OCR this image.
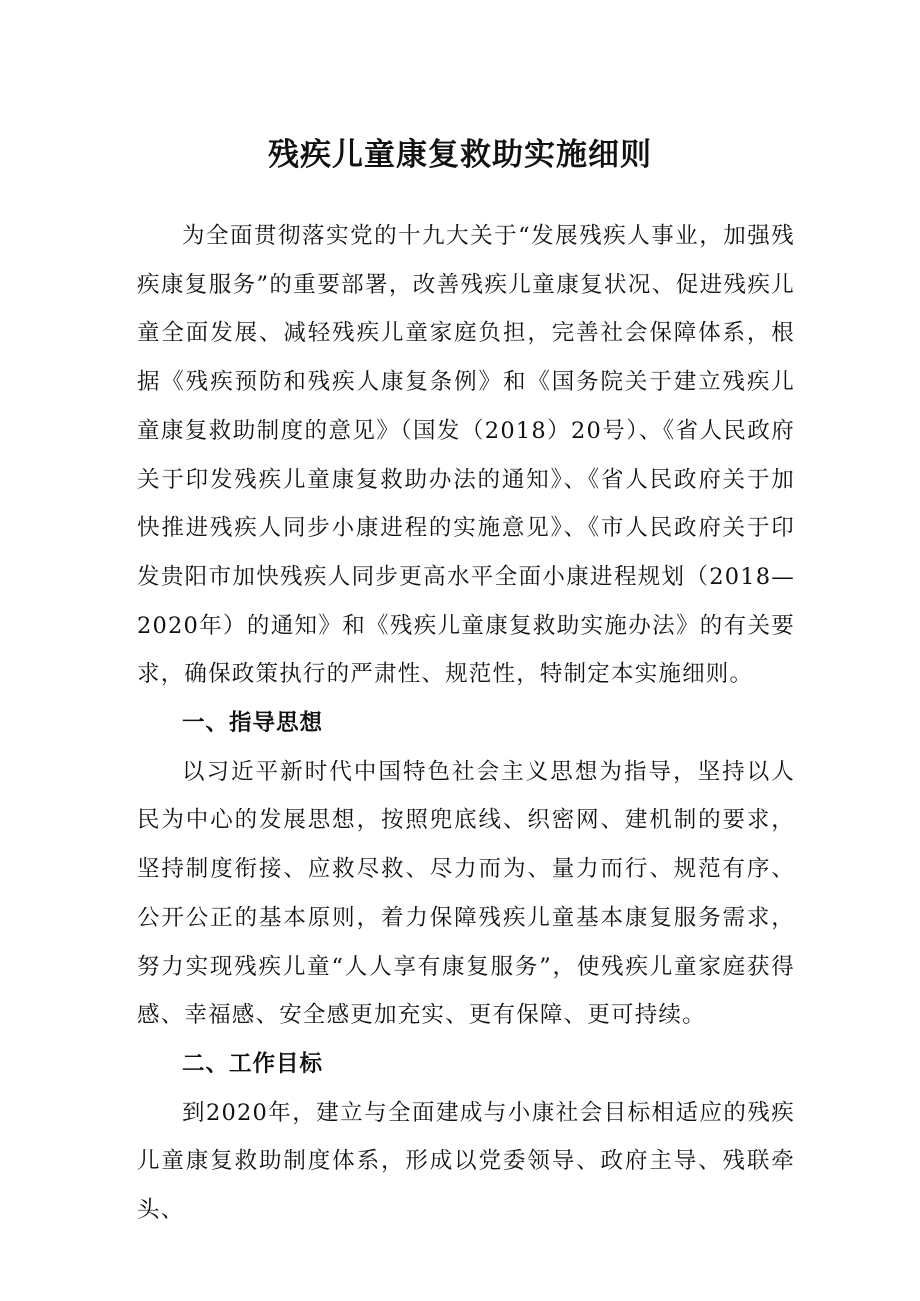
残疾儿童康复救助实施细则

为全面贯彻落实党的十九大关于“发展残疾人事业，加强残疾康复服务”的重要部署，改善残疾儿童康复状况、促进残疾儿童全面发展、减轻残疾儿童家庭负担，完善社会保障体系，根据《残疾预防和残疾人康复条例》和《国务院关于建立残疾儿童康复救助制度的意见》（国发（2018）20号）、《省人民政府关于印发残疾儿童康复救助办法的通知》、《省人民政府关于加快推进残疾人同步小康进程的实施意见》、《市人民政府关于印发贵阳市加快残疾人同步更高水平全面小康进程规划（2018—2020年）的通知》和《残疾儿童康复救助实施办法》的有关要求，确保政策执行的严肃性、规范性，特制定本实施细则。

一、指导思想

以习近平新时代中国特色社会主义思想为指导，坚持以人民为中心的发展思想，按照兜底线、织密网、建机制的要求，坚持制度衔接、应救尽救、尽力而为、量力而行、规范有序、公开公正的基本原则，着力保障残疾儿童基本康复服务需求，努力实现残疾儿童“人人享有康复服务”，使残疾儿童家庭获得感、幸福感、安全感更加充实、更有保障、更可持续。

二、工作目标

到2020年，建立与全面建成与小康社会目标相适应的残疾儿童康复救助制度体系，形成以党委领导、政府主导、残联牵头、
